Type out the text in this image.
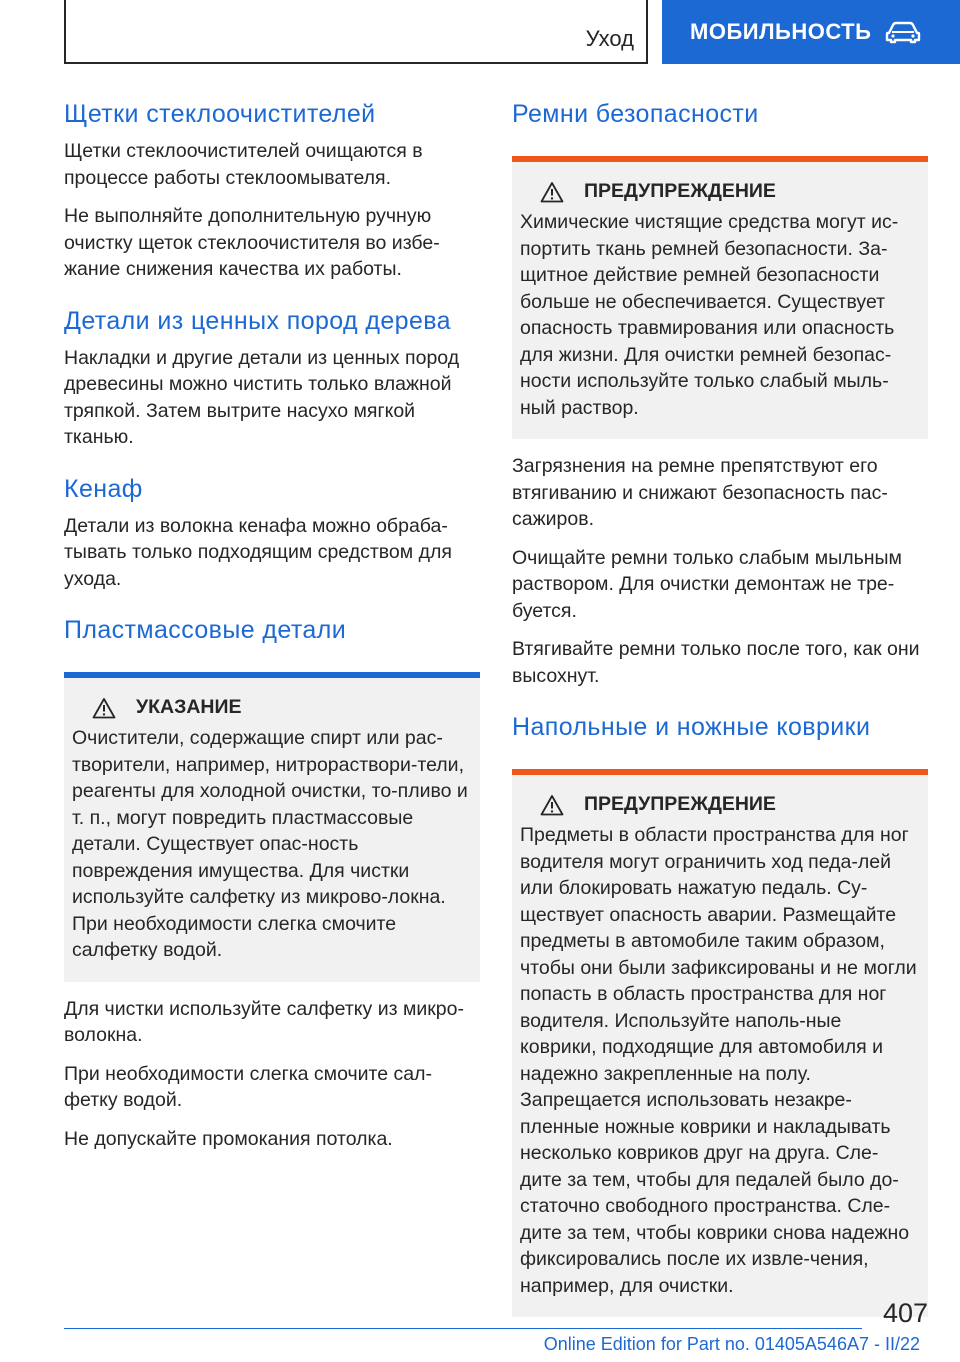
Уход	МОБИЛЬНОСТЬ
Щетки стеклоочистителей

Щетки стеклоочистителей очищаются в процессе работы стеклоомывателя.

Не выполняйте дополнительную ручную очистку щеток стеклоочистителя во избе-жание снижения качества их работы.

Детали из ценных пород дерева

Накладки и другие детали из ценных пород древесины можно чистить только влажной тряпкой. Затем вытрите насухо мягкой тканью.

Кенаф

Детали из волокна кенафа можно обраба-тывать только подходящим средством для ухода.

Пластмассовые детали
УКАЗАНИЕ

Очистители, содержащие спирт или рас-творители, например, нитрораствори-тели, реагенты для холодной очистки, то-пливо и т. п., могут повредить пластмассовые детали. Существует опас-ность повреждения имущества. Для чистки используйте салфетку из микрово-локна. При необходимости слегка смочите салфетку водой.

Для чистки используйте салфетку из микро-волокна.

При необходимости слегка смочите сал-фетку водой.

Не допускайте промокания потолка.

Ремни безопасности
ПРЕДУПРЕЖДЕНИЕ

Химические чистящие средства могут ис-портить ткань ремней безопасности. За-щитное действие ремней безопасности больше не обеспечивается. Существует опасность травмирования или опасность для жизни. Для очистки ремней безопас-ности используйте только слабый мыль-ный раствор.

Загрязнения на ремне препятствуют его втягиванию и снижают безопасность пас-сажиров.

Очищайте ремни только слабым мыльным раствором. Для очистки демонтаж не тре-буется.

Втягивайте ремни только после того, как они высохнут.

Напольные и ножные коврики
ПРЕДУПРЕЖДЕНИЕ

Предметы в области пространства для ног водителя могут ограничить ход педа-лей или блокировать нажатую педаль. Су-ществует опасность аварии. Размещайте предметы в автомобиле таким образом, чтобы они были зафиксированы и не могли попасть в область пространства для ног водителя. Используйте наполь-ные коврики, подходящие для автомобиля и надежно закрепленные на полу. Запрещается использовать незакре-пленные ножные коврики и накладывать несколько ковриков друг на друга. Сле-дите за тем, чтобы для педалей было до-статочно свободного пространства. Сле-дите за тем, чтобы коврики снова надежно фиксировались после их извле-чения, например, для очистки.

407
Online Edition for Part no. 01405A546A7 - II/22
